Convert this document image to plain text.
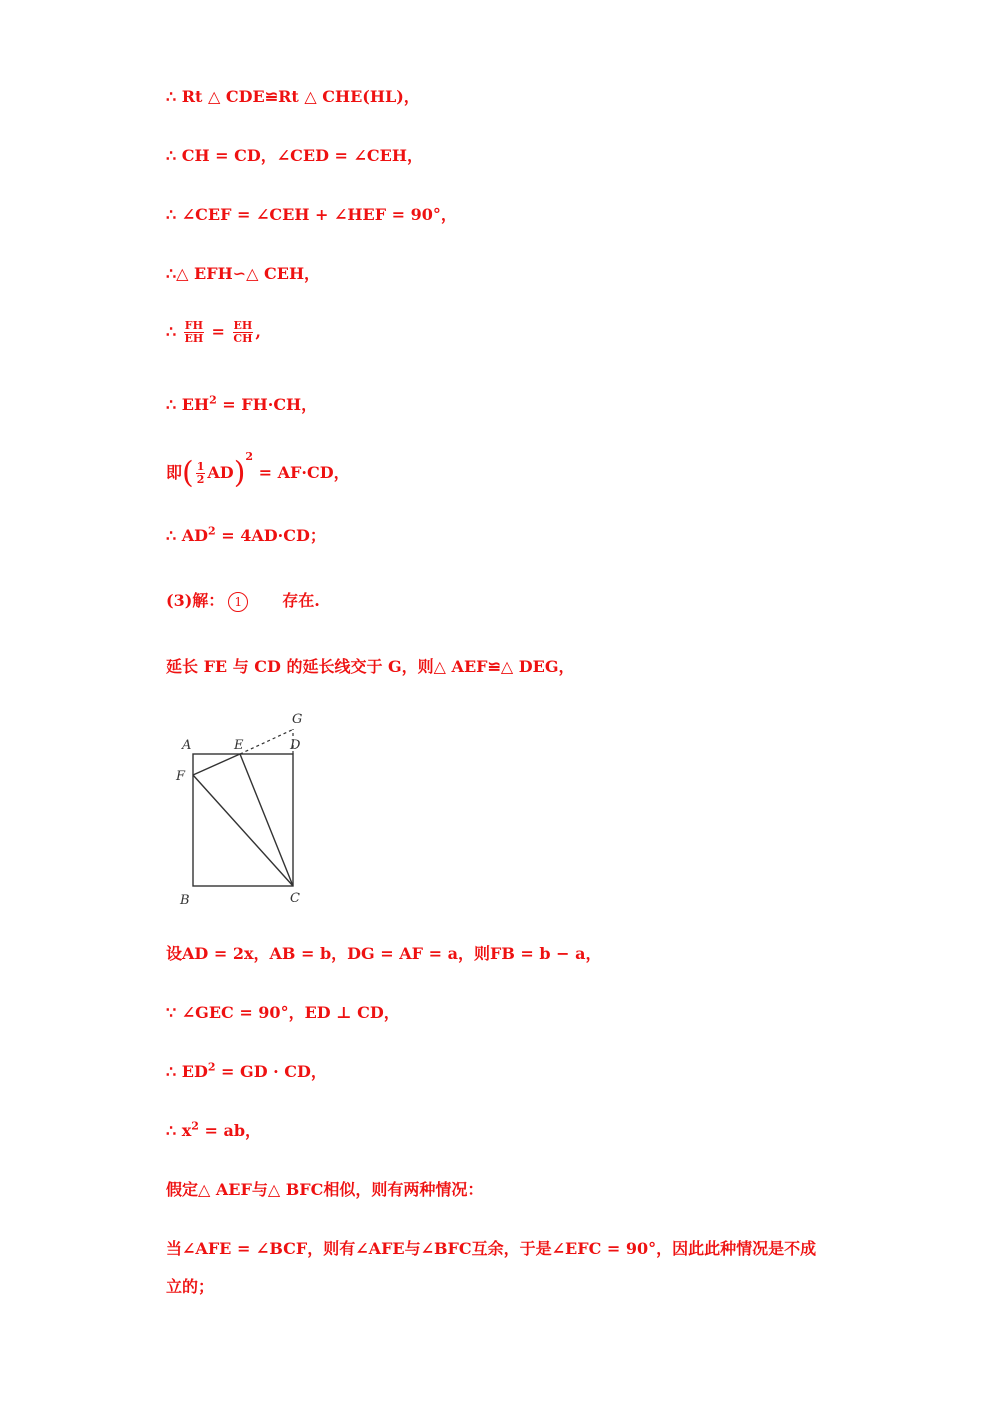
∴ Rt △ CDE≌Rt △ CHE(HL)，
∴ CH = CD，∠CED = ∠CEH，
∴ ∠CEF = ∠CEH + ∠HEF = 90°，
∴△ EFH∽△ CEH，
∴ $\frac{FH}{EH} = \frac{EH}{CH}$ ,
∴ $EH^2 = FH\cdot CH$，
即( $\frac{1}{2} AD)^2 = AF\cdot CD$，
∴ $AD^2 = 4AD\cdot CD$；
(3)解： 1	存在.
延长 FE 与 CD 的延长线交于 G，则△ AEF≌△ DEG，
A	E	D
G
F
B	C
设AD = 2x，AB = b，DG = AF = a，则FB = b − a，
∵ ∠GEC = 90°，ED ⊥ CD，
∴ $ED^2$ = GD · CD，
∴ $x^2$ = ab，
假定△ AEF与△ BFC相似，则有两种情况：
当∠AFE = ∠BCF，则有∠AFE与∠BFC互余，于是∠EFC = 90°，因此此种情况是不成
立的；
